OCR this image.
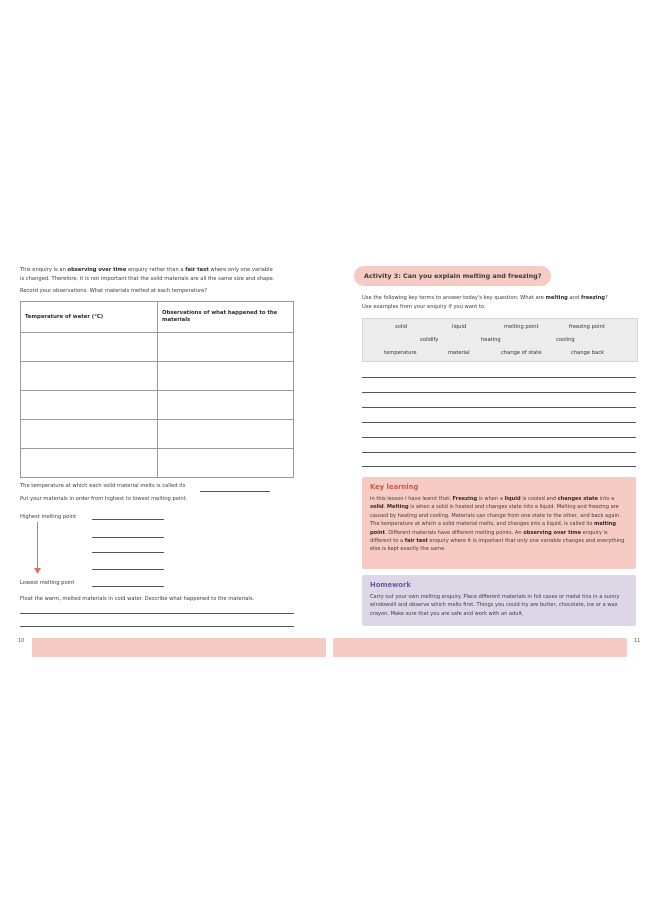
This enquiry is an observing over time enquiry rather than a fair test where only one variable
is changed. Therefore, it is not important that the solid materials are all the same size and shape.
Record your observations. What materials melted at each temperature?
Temperature of water (°C)	Observations of what happened to the materials

The temperature at which each solid material melts is called its
Put your materials in order from highest to lowest melting point.
Highest melting point
Lowest melting point
Float the warm, melted materials in cold water. Describe what happened to the materials.
10
Activity 3: Can you explain melting and freezing?
Use the following key terms to answer today's key question: What are melting and freezing?
Use examples from your enquiry if you want to.
solid	liquid	melting point	freezing point
solidify	heating	cooling
temperature	material	change of state	change back
Key learning
In this lesson I have learnt that: Freezing is when a liquid is cooled and changes state into a solid. Melting is when a solid is heated and changes state into a liquid. Melting and freezing are caused by heating and cooling. Materials can change from one state to the other, and back again. The temperature at which a solid material melts, and changes into a liquid, is called its melting point. Different materials have different melting points. An observing over time enquiry is different to a fair test enquiry where it is important that only one variable changes and everything else is kept exactly the same.
Homework
Carry out your own melting enquiry. Place different materials in foil cases or metal tins in a sunny windowsill and observe which melts first. Things you could try are butter, chocolate, ice or a wax crayon. Make sure that you are safe and work with an adult.
11
